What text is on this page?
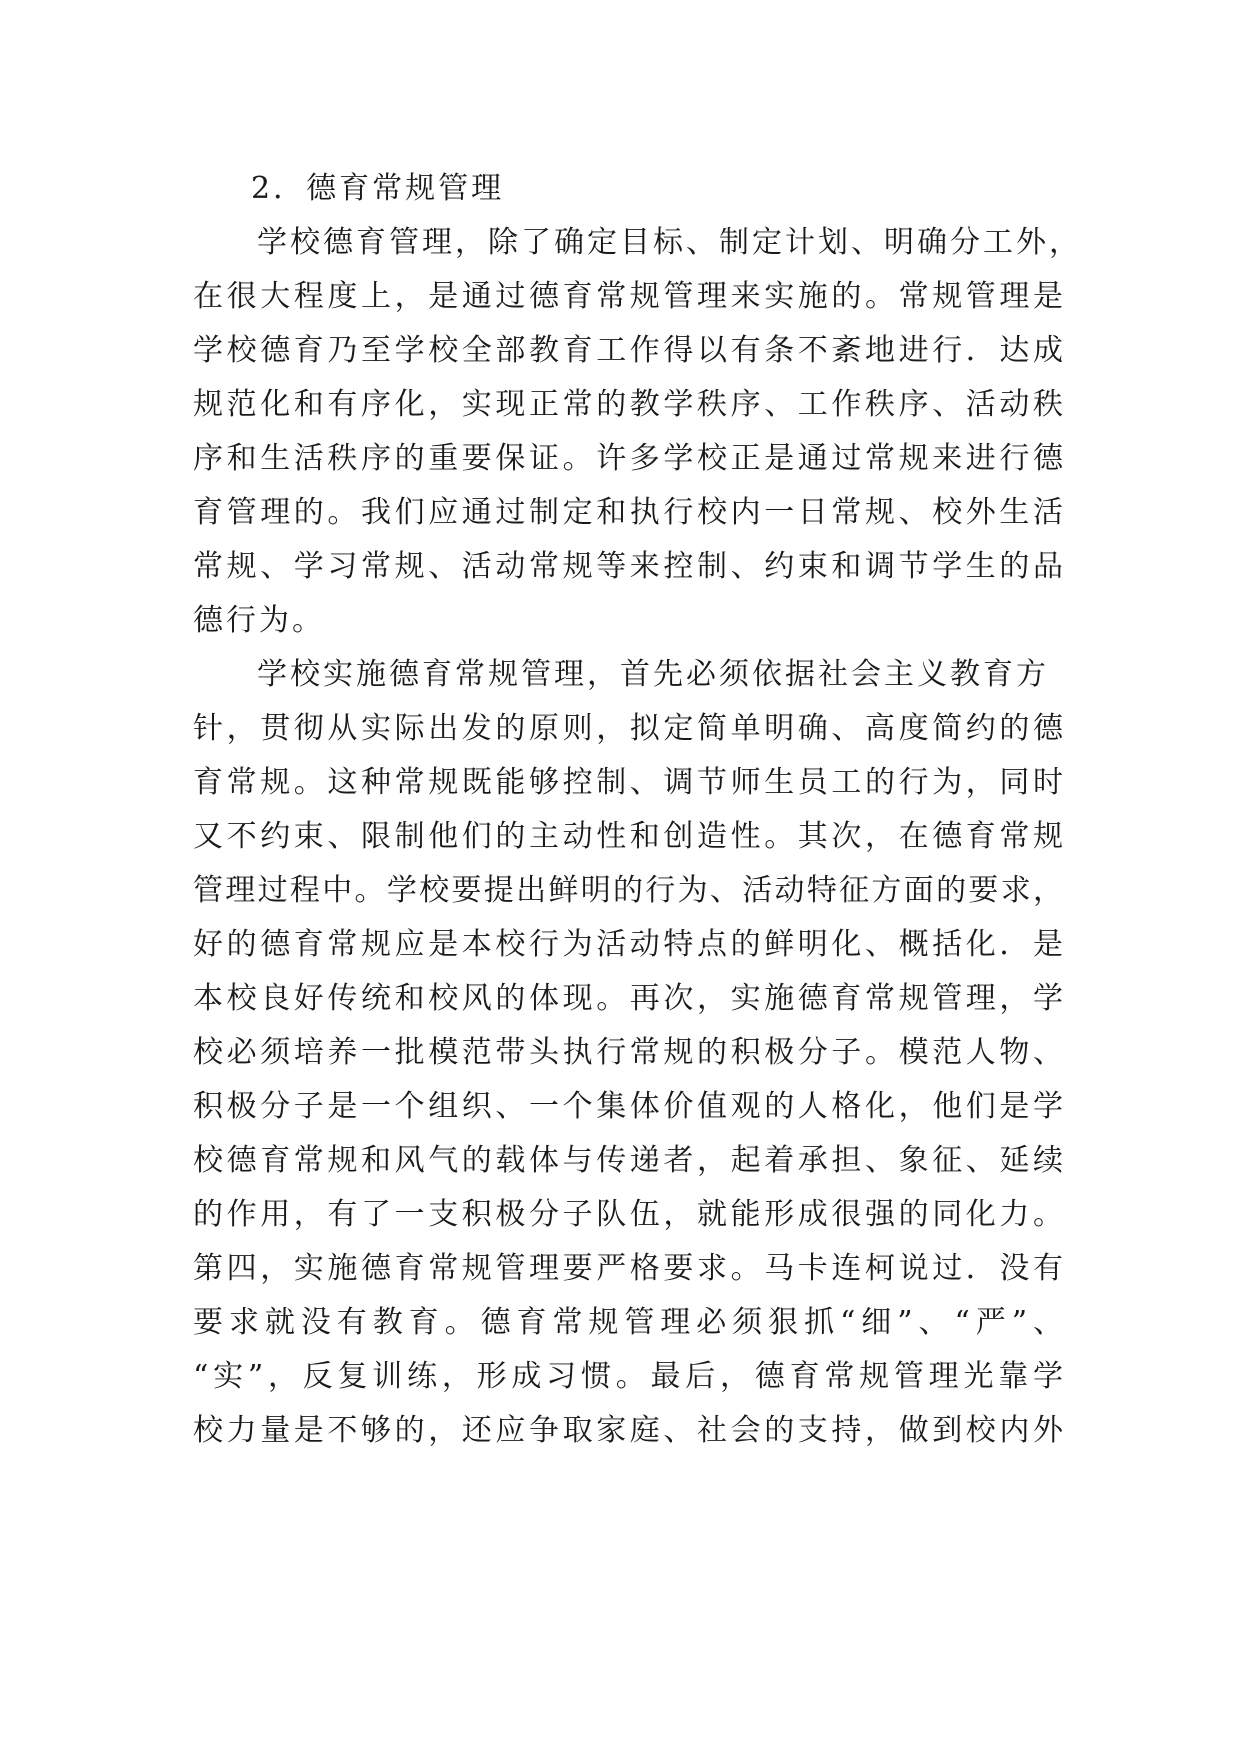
2．德育常规管理
学校德育管理，除了确定目标、制定计划、明确分工外，
在很大程度上，是通过德育常规管理来实施的。常规管理是
学校德育乃至学校全部教育工作得以有条不紊地进行．达成
规范化和有序化，实现正常的教学秩序、工作秩序、活动秩
序和生活秩序的重要保证。许多学校正是通过常规来进行德
育管理的。我们应通过制定和执行校内一日常规、校外生活
常规、学习常规、活动常规等来控制、约束和调节学生的品
德行为。
学校实施德育常规管理，首先必须依据社会主义教育方
针，贯彻从实际出发的原则，拟定简单明确、高度简约的德
育常规。这种常规既能够控制、调节师生员工的行为，同时
又不约束、限制他们的主动性和创造性。其次，在德育常规
管理过程中。学校要提出鲜明的行为、活动特征方面的要求，
好的德育常规应是本校行为活动特点的鲜明化、概括化．是
本校良好传统和校风的体现。再次，实施德育常规管理，学
校必须培养一批模范带头执行常规的积极分子。模范人物、
积极分子是一个组织、一个集体价值观的人格化，他们是学
校德育常规和风气的载体与传递者，起着承担、象征、延续
的作用，有了一支积极分子队伍，就能形成很强的同化力。
第四，实施德育常规管理要严格要求。马卡连柯说过．没有
要求就没有教育。德育常规管理必须狠抓“细”、“严”、
“实”，反复训练，形成习惯。最后，德育常规管理光靠学
校力量是不够的，还应争取家庭、社会的支持，做到校内外
